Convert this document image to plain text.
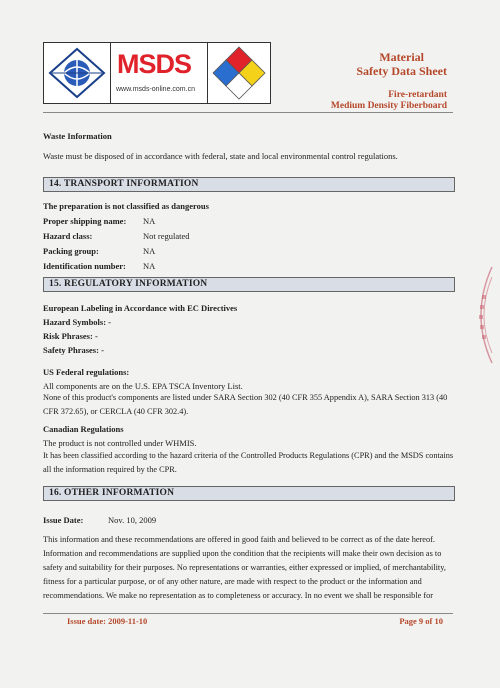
MSDS
www.msds-online.com.cn
Material
Safety Data Sheet
Fire-retardant
Medium Density Fiberboard
Waste Information
Waste must be disposed of in accordance with federal, state and local environmental control regulations.
14. TRANSPORT INFORMATION
The preparation is not classified as dangerous
Proper shipping name: NA
Hazard class:	Not regulated
Packing group:	NA
Identification number: NA
15. REGULATORY INFORMATION
European Labeling in Accordance with EC Directives
Hazard Symbols: -
Risk Phrases: -
Safety Phrases: -
US Federal regulations:
All components are on the U.S. EPA TSCA Inventory List.
None of this product's components are listed under SARA Section 302 (40 CFR 355 Appendix A), SARA Section 313 (40 CFR 372.65), or CERCLA (40 CFR 302.4).
Canadian Regulations
The product is not controlled under WHMIS.
It has been classified according to the hazard criteria of the Controlled Products Regulations (CPR) and the MSDS contains all the information required by the CPR.
16. OTHER INFORMATION
Issue Date:	Nov. 10, 2009
This information and these recommendations are offered in good faith and believed to be correct as of the date hereof. Information and recommendations are supplied upon the condition that the recipients will make their own decision as to safety and suitability for their purposes. No representations or warranties, either expressed or implied, of merchantability, fitness for a particular purpose, or of any other nature, are made with respect to the product or the information and recommendations. We make no representation as to completeness or accuracy. In no event we shall be responsible for
Issue date: 2009-11-10	Page 9 of 10
